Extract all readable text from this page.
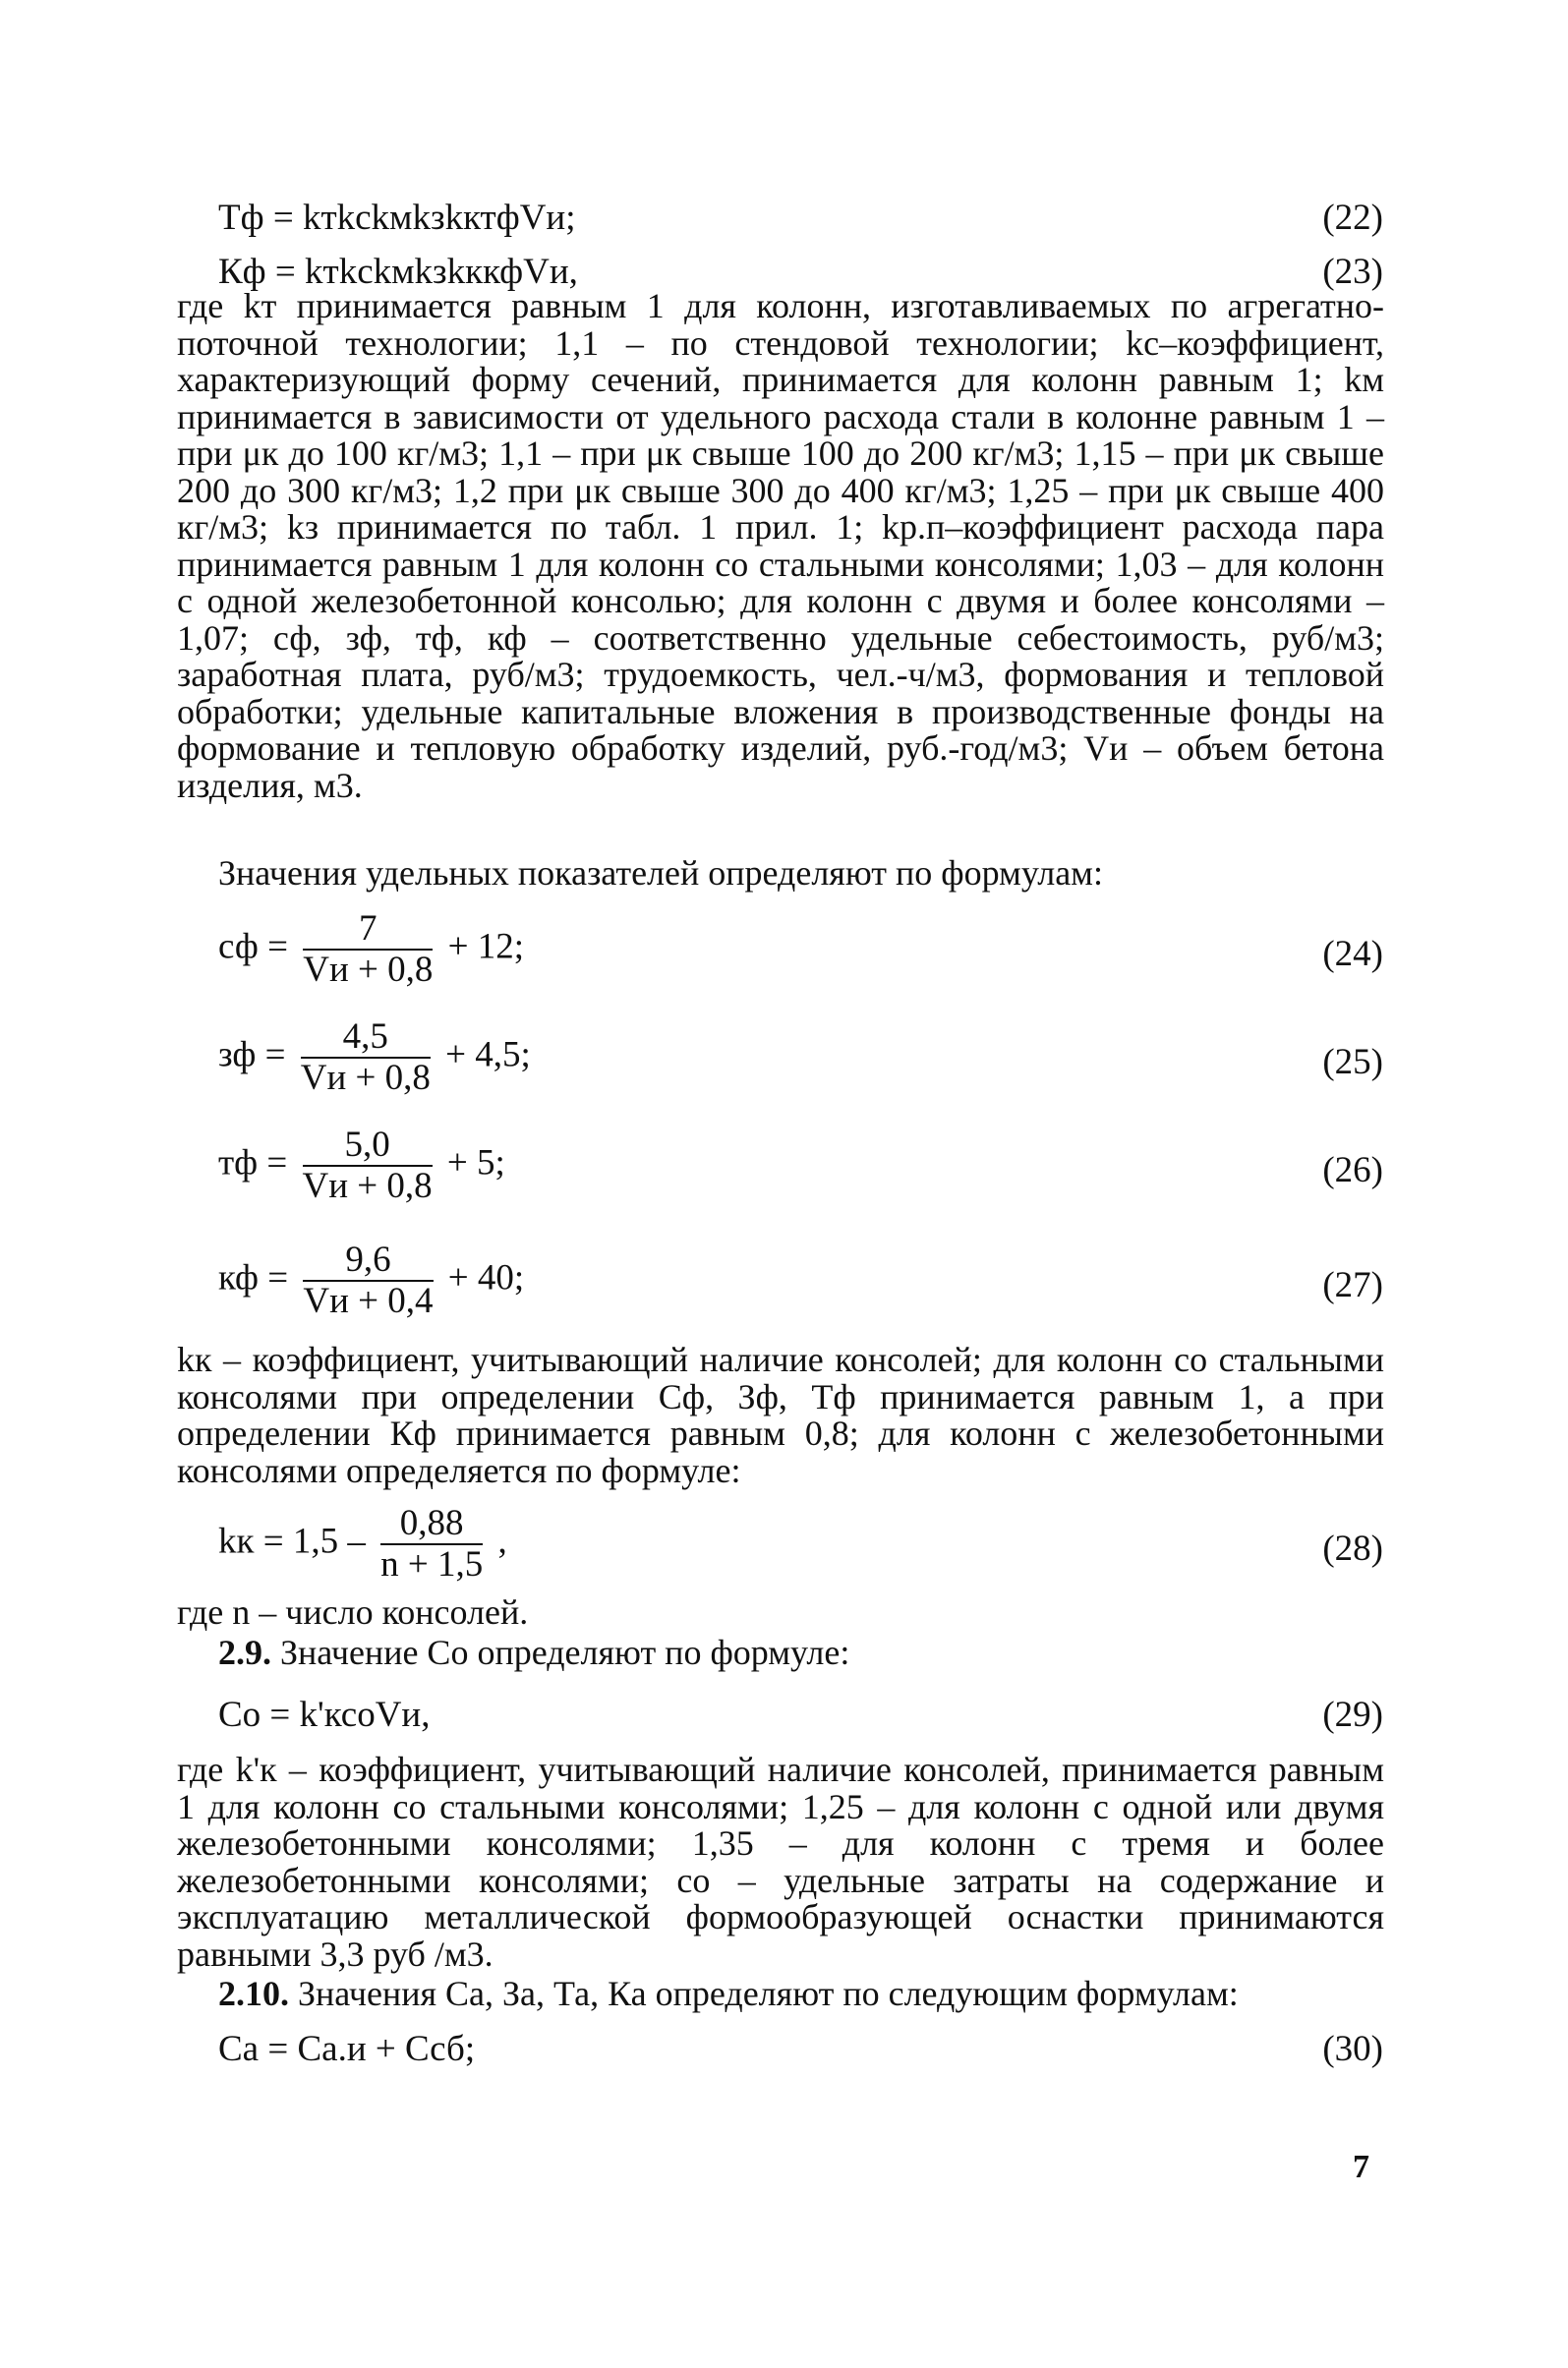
Тф = kтkсkмkзkктфVи;	(22)
Кф = kтkсkмkзkккфVи,	(23)

где kт принимается равным 1 для колонн, изготавливаемых по агрегатно-поточной технологии; 1,1 – по стендовой технологии; kс–коэффициент, характеризующий форму сечений, принимается для колонн равным 1; kм принимается в зависимости от удельного расхода стали в колонне равным 1 – при μк до 100 кг/м3; 1,1 – при μк свыше 100 до 200 кг/м3; 1,15 – при μк свыше 200 до 300 кг/м3; 1,2 при μк свыше 300 до 400 кг/м3; 1,25 – при μк свыше 400 кг/м3; kз принимается по табл. 1 прил. 1; kр.п–коэффициент расхода пара принимается равным 1 для колонн со стальными консолями; 1,03 – для колонн с одной железобетонной консолью; для колонн с двумя и более консолями – 1,07; сф, зф, тф, кф – соответственно удельные себестоимость, руб/м3; заработная плата, руб/м3; трудоемкость, чел.-ч/м3, формования и тепловой обработки; удельные капитальные вложения в производственные фонды на формование и тепловую обработку изделий, руб.-год/м3; Vи – объем бетона изделия, м3.

Значения удельных показателей определяют по формулам:

сф = $\frac{7}{Vи + 0,8} + 12$;	(24)
зф = $\frac{4,5}{Vи + 0,8} + 4,5$;	(25)
тф = $\frac{5,0}{Vи + 0,8} + 5$;	(26)
кф = $\frac{9,6}{Vи + 0,4} + 40$;	(27)

kк – коэффициент, учитывающий наличие консолей; для колонн со стальными консолями при определении Сф, Зф, Тф принимается равным 1, а при определении Кф принимается равным 0,8; для колонн с железобетонными консолями определяется по формуле:

kк = $1,5 - \frac{0,88}{n + 1,5}$ ,	(28)

где n – число консолей.

2.9. Значение Со определяют по формуле:

Со = k'ксоVи,	(29)

где k'к – коэффициент, учитывающий наличие консолей, принимается равным 1 для колонн со стальными консолями; 1,25 – для колонн с одной или двумя железобетонными консолями; 1,35 – для колонн с тремя и более железобетонными консолями; со – удельные затраты на содержание и эксплуатацию металлической формообразующей оснастки принимаются равными 3,3 руб /м3.

2.10. Значения Са, За, Та, Ка определяют по следующим формулам:

Са = Са.и + Ссб;	(30)
7
